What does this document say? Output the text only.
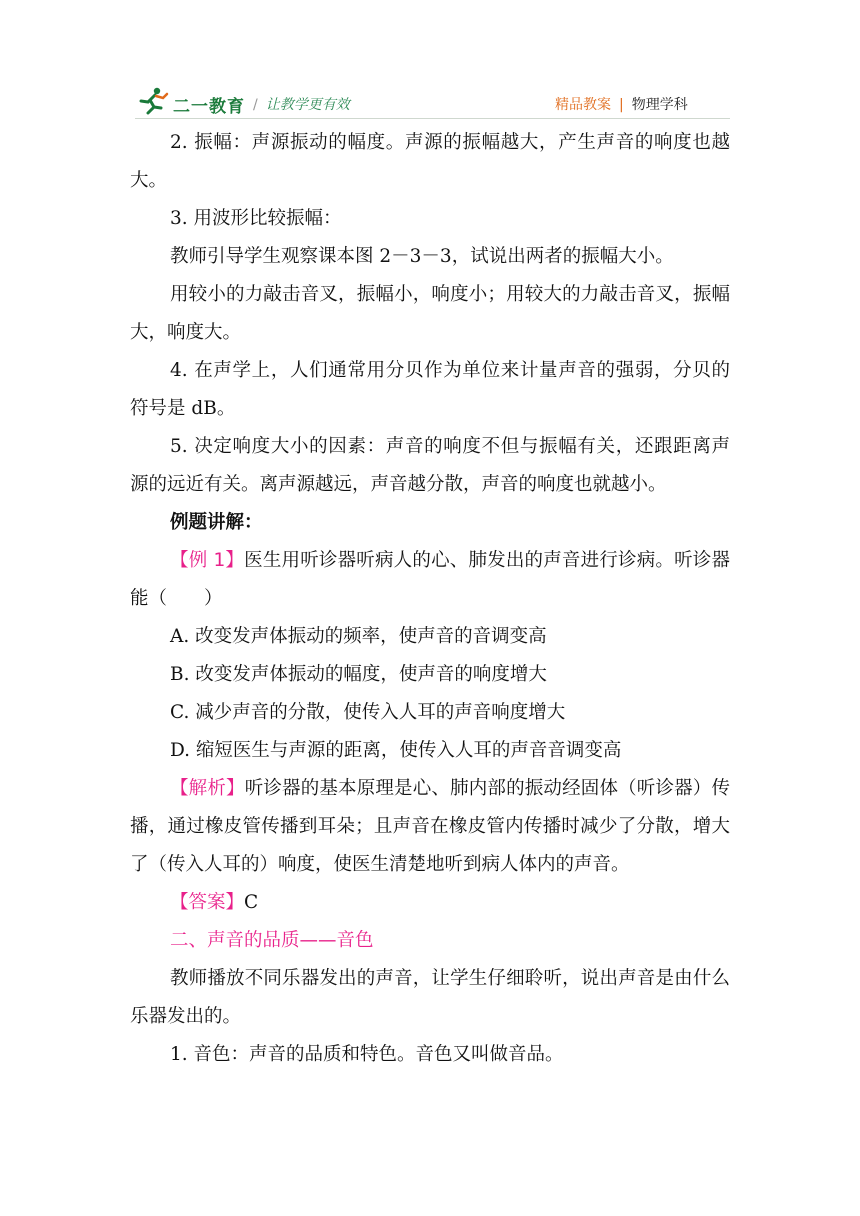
二一教育 / 让教学更有效	精品教案 | 物理学科

2. 振幅：声源振动的幅度。声源的振幅越大，产生声音的响度也越大。

3. 用波形比较振幅：

教师引导学生观察课本图 2－3－3，试说出两者的振幅大小。

用较小的力敲击音叉，振幅小，响度小；用较大的力敲击音叉，振幅大，响度大。

4. 在声学上，人们通常用分贝作为单位来计量声音的强弱，分贝的符号是 dB。

5. 决定响度大小的因素：声音的响度不但与振幅有关，还跟距离声源的远近有关。离声源越远，声音越分散，声音的响度也就越小。

例题讲解：

【例 1】医生用听诊器听病人的心、肺发出的声音进行诊病。听诊器能（　　）

A. 改变发声体振动的频率，使声音的音调变高

B. 改变发声体振动的幅度，使声音的响度增大

C. 减少声音的分散，使传入人耳的声音响度增大

D. 缩短医生与声源的距离，使传入人耳的声音音调变高

【解析】听诊器的基本原理是心、肺内部的振动经固体（听诊器）传播，通过橡皮管传播到耳朵；且声音在橡皮管内传播时减少了分散，增大了（传入人耳的）响度，使医生清楚地听到病人体内的声音。

【答案】C

二、声音的品质——音色

教师播放不同乐器发出的声音，让学生仔细聆听，说出声音是由什么乐器发出的。

1. 音色：声音的品质和特色。音色又叫做音品。
